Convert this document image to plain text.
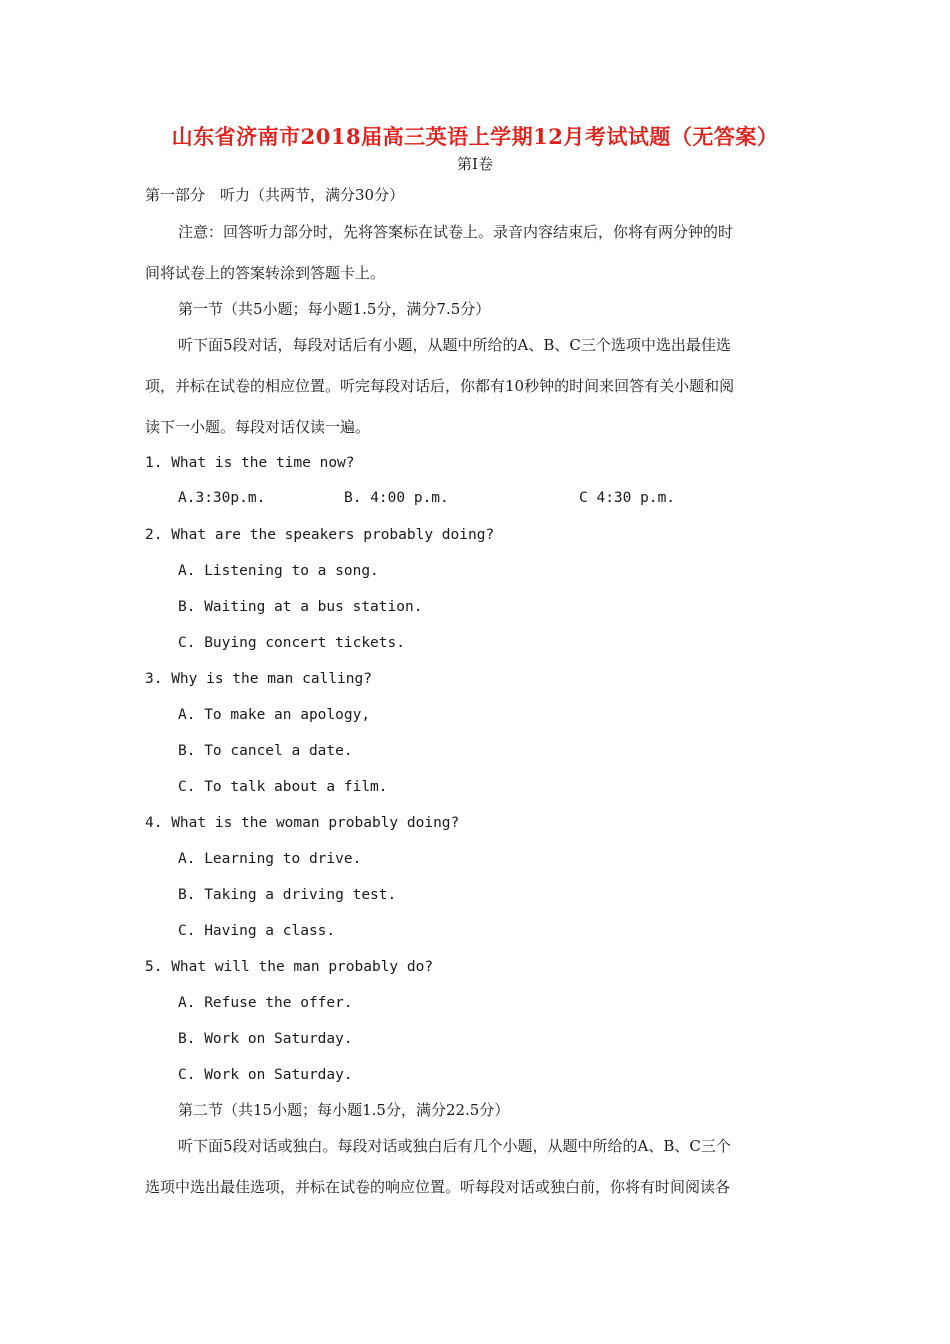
山东省济南市2018届高三英语上学期12月考试试题（无答案）
第I卷
第一部分　听力（共两节，满分30分）
注意：回答听力部分时，先将答案标在试卷上。录音内容结束后，你将有两分钟的时
间将试卷上的答案转涂到答题卡上。
第一节（共5小题；每小题1.5分，满分7.5分）
听下面5段对话，每段对话后有小题，从题中所给的A、B、C三个选项中选出最佳选
项，并标在试卷的相应位置。听完每段对话后，你都有10秒钟的时间来回答有关小题和阅
读下一小题。每段对话仅读一遍。
1. What is the time now?
A.3:30p.m.	B. 4:00 p.m.	C 4:30 p.m.
2. What are the speakers probably doing?
A. Listening to a song.
B. Waiting at a bus station.
C. Buying concert tickets.
3. Why is the man calling?
A. To make an apology,
B. To cancel a date.
C. To talk about a film.
4. What is the woman probably doing?
A. Learning to drive.
B. Taking a driving test.
C. Having a class.
5. What will the man probably do?
A. Refuse the offer.
B. Work on Saturday.
C. Work on Saturday.
第二节（共15小题；每小题1.5分，满分22.5分）
听下面5段对话或独白。每段对话或独白后有几个小题，从题中所给的A、B、C三个
选项中选出最佳选项，并标在试卷的响应位置。听每段对话或独白前，你将有时间阅读各
